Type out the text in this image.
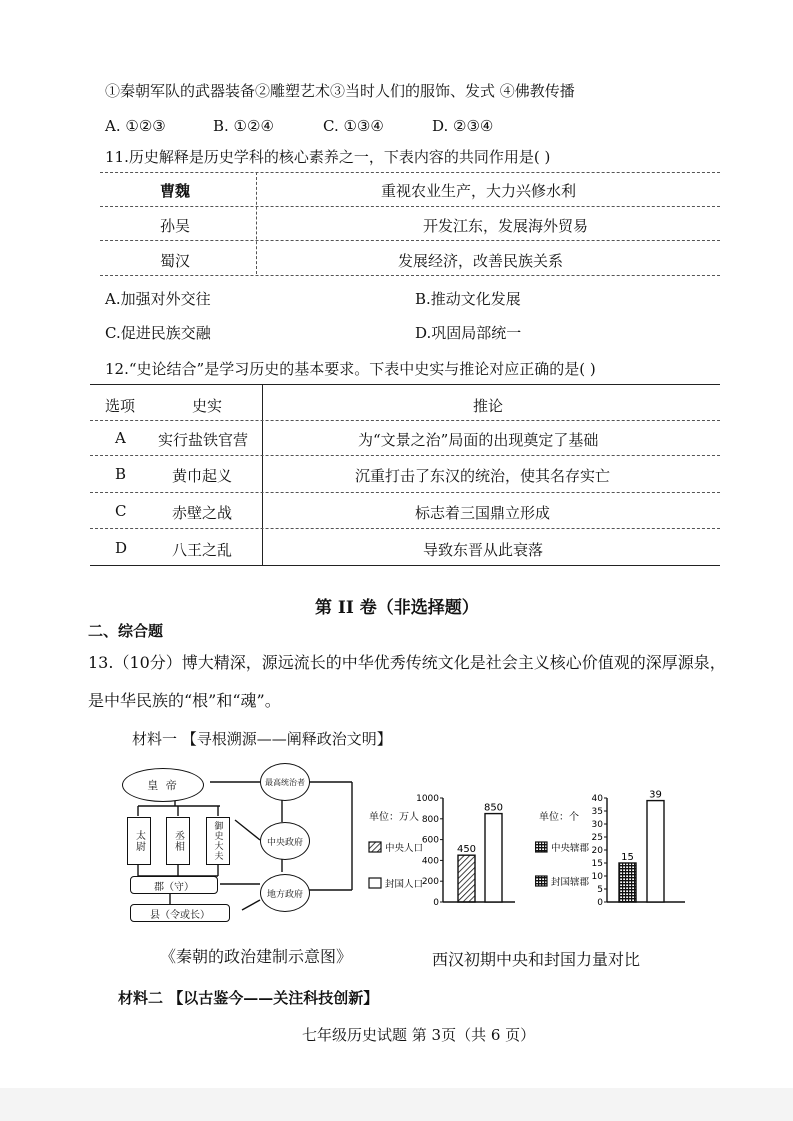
①秦朝军队的武器装备②雕塑艺术③当时人们的服饰、发式 ④佛教传播
A. ①②③	B. ①②④	C. ①③④	D. ②③④
11.历史解释是历史学科的核心素养之一，下表内容的共同作用是( )
曹魏	重视农业生产，大力兴修水利
孙吴	开发江东，发展海外贸易
蜀汉	发展经济，改善民族关系
A.加强对外交往	B.推动文化发展
C.促进民族交融	D.巩固局部统一
12.“史论结合”是学习历史的基本要求。下表中史实与推论对应正确的是( )
选项	史实	推论
A 实行盐铁官营	为“文景之治”局面的出现奠定了基础
B	黄巾起义	沉重打击了东汉的统治，使其名存实亡
C	赤壁之战	标志着三国鼎立形成
D	八王之乱	导致东晋从此衰落
第 II 卷（非选择题）
二、综合题
13.（10分）博大精深，源远流长的中华优秀传统文化是社会主义核心价值观的深厚源泉，
是中华民族的“根”和“魂”。
材料一 【寻根溯源——阐释政治文明】
皇 帝
太尉	丞相	御史大夫
郡（守）
县（令或长）
最高统治者
中央政府
地方政府
《秦朝的政治建制示意图》
1000
800
600
400
200
0
单位：万人
450
中央人口
850
封国人口
40
35
30
25
20
15
10
5
0
单位：个
15
中央辖郡
39
封国辖郡
西汉初期中央和封国力量对比
材料二 【以古鉴今——关注科技创新】
七年级历史试题 第 3页（共 6 页）
